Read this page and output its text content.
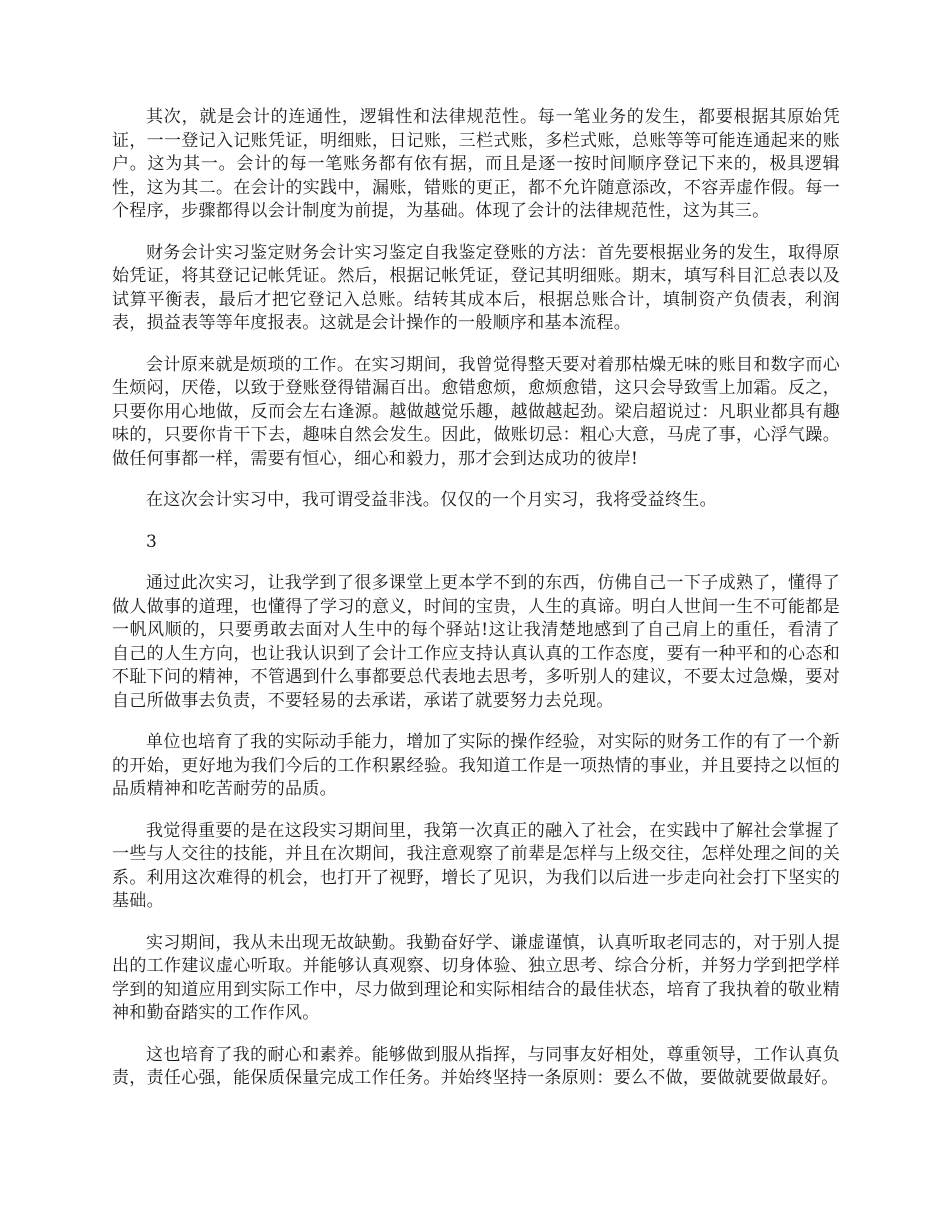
其次，就是会计的连通性，逻辑性和法律规范性。每一笔业务的发生，都要根据其原始凭证，一一登记入记账凭证，明细账，日记账，三栏式账，多栏式账，总账等等可能连通起来的账户。这为其一。会计的每一笔账务都有依有据，而且是逐一按时间顺序登记下来的，极具逻辑性，这为其二。在会计的实践中，漏账，错账的更正，都不允许随意添改，不容弄虚作假。每一个程序，步骤都得以会计制度为前提，为基础。体现了会计的法律规范性，这为其三。

财务会计实习鉴定财务会计实习鉴定自我鉴定登账的方法：首先要根据业务的发生，取得原始凭证，将其登记记帐凭证。然后，根据记帐凭证，登记其明细账。期末，填写科目汇总表以及试算平衡表，最后才把它登记入总账。结转其成本后，根据总账合计，填制资产负债表，利润表，损益表等等年度报表。这就是会计操作的一般顺序和基本流程。

会计原来就是烦琐的工作。在实习期间，我曾觉得整天要对着那枯燥无味的账目和数字而心生烦闷，厌倦，以致于登账登得错漏百出。愈错愈烦，愈烦愈错，这只会导致雪上加霜。反之，只要你用心地做，反而会左右逢源。越做越觉乐趣，越做越起劲。梁启超说过：凡职业都具有趣味的，只要你肯干下去，趣味自然会发生。因此，做账切忌：粗心大意，马虎了事，心浮气躁。做任何事都一样，需要有恒心，细心和毅力，那才会到达成功的彼岸!

在这次会计实习中，我可谓受益非浅。仅仅的一个月实习，我将受益终生。

3

通过此次实习，让我学到了很多课堂上更本学不到的东西，仿佛自己一下子成熟了，懂得了做人做事的道理，也懂得了学习的意义，时间的宝贵，人生的真谛。明白人世间一生不可能都是一帆风顺的，只要勇敢去面对人生中的每个驿站!这让我清楚地感到了自己肩上的重任，看清了自己的人生方向，也让我认识到了会计工作应支持认真认真的工作态度，要有一种平和的心态和不耻下问的精神，不管遇到什么事都要总代表地去思考，多听别人的建议，不要太过急燥，要对自己所做事去负责，不要轻易的去承诺，承诺了就要努力去兑现。

单位也培育了我的实际动手能力，增加了实际的操作经验，对实际的财务工作的有了一个新的开始，更好地为我们今后的工作积累经验。我知道工作是一项热情的事业，并且要持之以恒的品质精神和吃苦耐劳的品质。

我觉得重要的是在这段实习期间里，我第一次真正的融入了社会，在实践中了解社会掌握了一些与人交往的技能，并且在次期间，我注意观察了前辈是怎样与上级交往，怎样处理之间的关系。利用这次难得的机会，也打开了视野，增长了见识，为我们以后进一步走向社会打下坚实的基础。

实习期间，我从未出现无故缺勤。我勤奋好学、谦虚谨慎，认真听取老同志的，对于别人提出的工作建议虚心听取。并能够认真观察、切身体验、独立思考、综合分析，并努力学到把学样学到的知道应用到实际工作中，尽力做到理论和实际相结合的最佳状态，培育了我执着的敬业精神和勤奋踏实的工作作风。

这也培育了我的耐心和素养。能够做到服从指挥，与同事友好相处，尊重领导，工作认真负责，责任心强，能保质保量完成工作任务。并始终坚持一条原则：要么不做，要做就要做最好。
